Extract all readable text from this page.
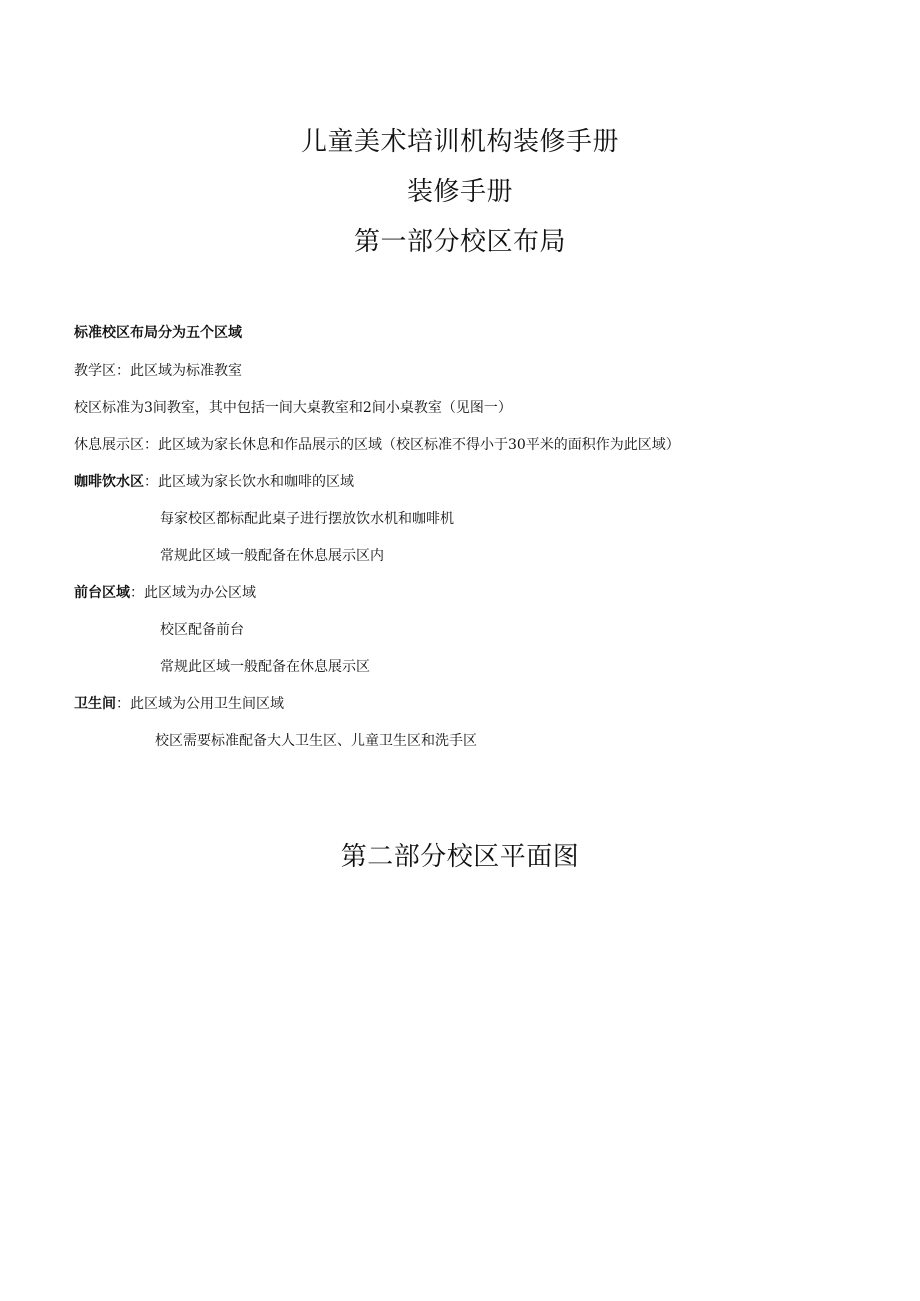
儿童美术培训机构装修手册
装修手册
第一部分校区布局
标准校区布局分为五个区域
教学区：此区域为标准教室
校区标准为3间教室，其中包括一间大桌教室和2间小桌教室（见图一）
休息展示区：此区域为家长休息和作品展示的区域（校区标准不得小于30平米的面积作为此区域）
咖啡饮水区：此区域为家长饮水和咖啡的区域
每家校区都标配此桌子进行摆放饮水机和咖啡机
常规此区域一般配备在休息展示区内
前台区域：此区域为办公区域
校区配备前台
常规此区域一般配备在休息展示区
卫生间：此区域为公用卫生间区域
校区需要标准配备大人卫生区、儿童卫生区和洗手区
第二部分校区平面图
